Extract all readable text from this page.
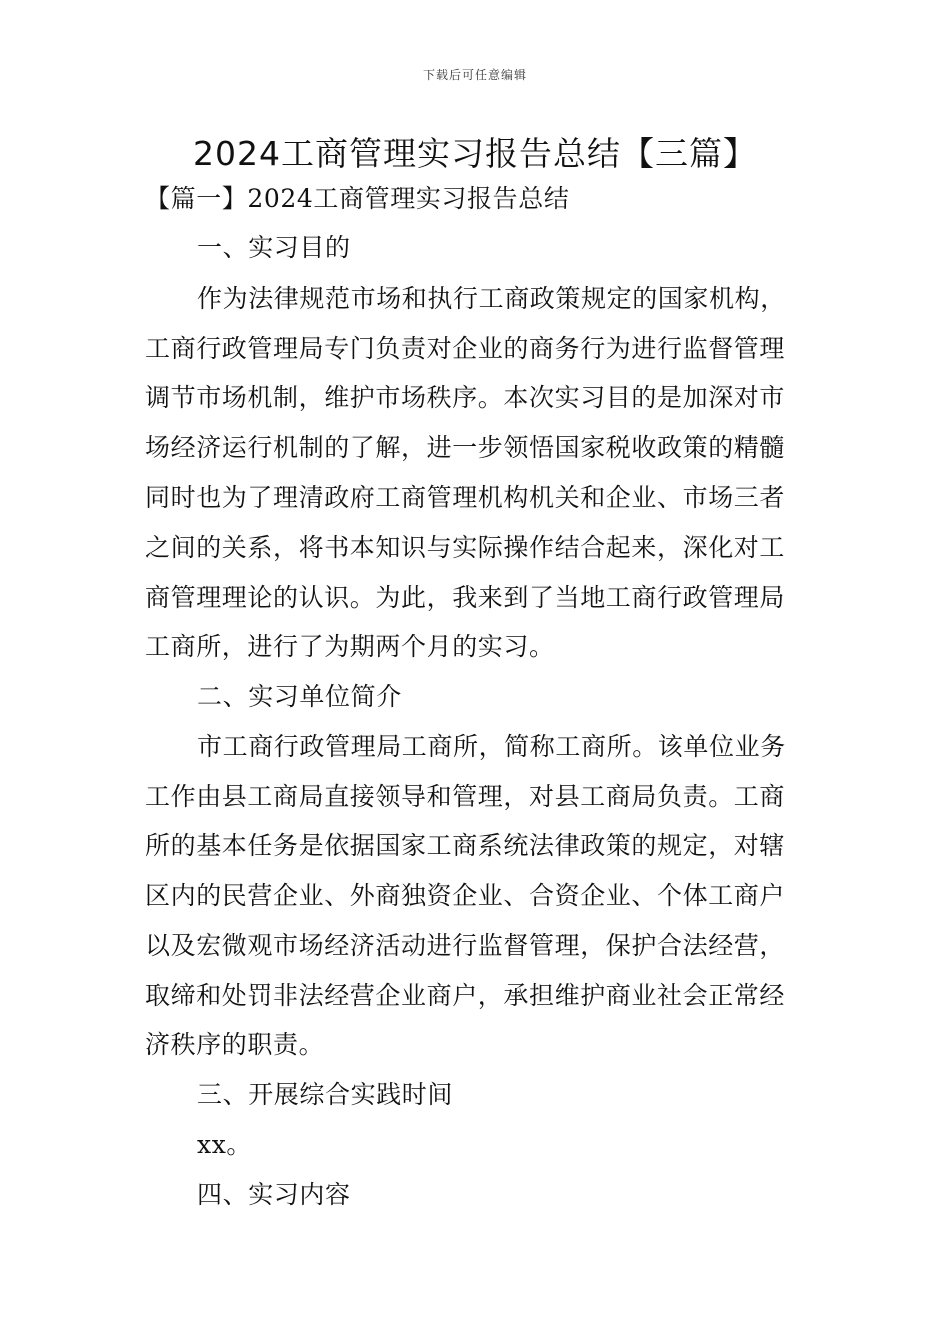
下载后可任意编辑
2024工商管理实习报告总结【三篇】
【篇一】2024工商管理实习报告总结
一、实习目的
作为法律规范市场和执行工商政策规定的国家机构，
工商行政管理局专门负责对企业的商务行为进行监督管理
调节市场机制，维护市场秩序。本次实习目的是加深对市
场经济运行机制的了解，进一步领悟国家税收政策的精髓
同时也为了理清政府工商管理机构机关和企业、市场三者
之间的关系，将书本知识与实际操作结合起来，深化对工
商管理理论的认识。为此，我来到了当地工商行政管理局
工商所，进行了为期两个月的实习。
二、实习单位简介
市工商行政管理局工商所，简称工商所。该单位业务
工作由县工商局直接领导和管理，对县工商局负责。工商
所的基本任务是依据国家工商系统法律政策的规定，对辖
区内的民营企业、外商独资企业、合资企业、个体工商户
以及宏微观市场经济活动进行监督管理，保护合法经营，
取缔和处罚非法经营企业商户，承担维护商业社会正常经
济秩序的职责。
三、开展综合实践时间
xx。
四、实习内容
